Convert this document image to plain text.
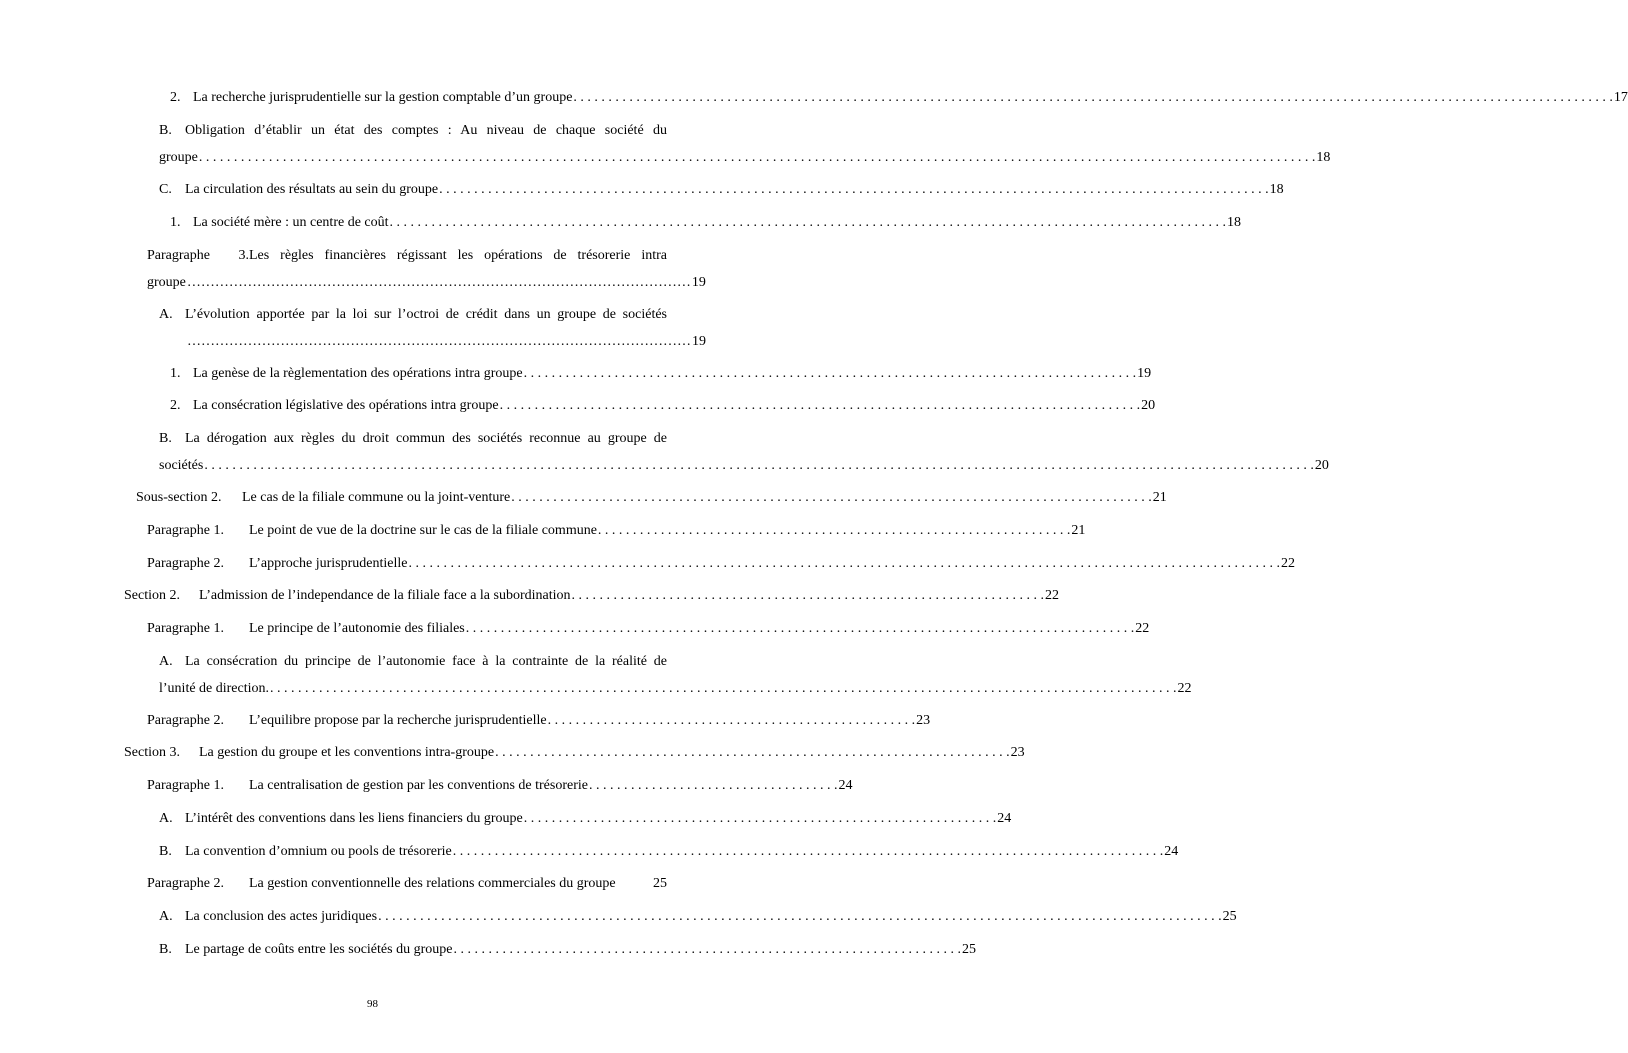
2. La recherche jurisprudentielle sur la gestion comptable d’un groupe . . . . . . . . . . . . . . . . . . . . . . . . . . . . . . . . . . . . . . . . . . . . . . . . . . . . . . . . . . . . . . . . . . . . . . . . . . . . . . . . . . . . . . . . . . . . . . . . . . . . . . . . . . . . . . . . . . . . . . . . . . . . . . . . . . . . . . . . . . . . . . . . . . . . . 17
B. Obligation d’établir un état des comptes : Au niveau de chaque société du
groupe . . . . . . . . . . . . . . . . . . . . . . . . . . . . . . . . . . . . . . . . . . . . . . . . . . . . . . . . . . . . . . . . . . . . . . . . . . . . . . . . . . . . . . . . . . . . . . . . . . . . . . . . . . . . . . . . . . . . . . . . . . . . . . . . . . . . . . . . . . . . . . . . . . . . . . . . . . . . . . . . 18
C. La circulation des résultats au sein du groupe . . . . . . . . . . . . . . . . . . . . . . . . . . . . . . . . . . . . . . . . . . . . . . . . . . . . . . . . . . . . . . . . . . . . . . . . . . . . . . . . . . . . . . . . . . . . . . . . . . . . . . . . . . . . . . . . . . . . . . . 18
1. La société mère : un centre de coût . . . . . . . . . . . . . . . . . . . . . . . . . . . . . . . . . . . . . . . . . . . . . . . . . . . . . . . . . . . . . . . . . . . . . . . . . . . . . . . . . . . . . . . . . . . . . . . . . . . . . . . . . . . . . . . . . . . . . . . . 18
Paragraphe 3.Les règles financières régissant les opérations de trésorerie intra
groupe ……………………………………………………………………………………………… 19
A. L’évolution apportée par la loi sur l’octroi de crédit dans un groupe de sociétés
……………………………………………………………………………………………… 19
1. La genèse de la règlementation des opérations intra groupe . . . . . . . . . . . . . . . . . . . . . . . . . . . . . . . . . . . . . . . . . . . . . . . . . . . . . . . . . . . . . . . . . . . . . . . . . . . . . . . . . . . . . . . . 19
2. La consécration législative des opérations intra groupe . . . . . . . . . . . . . . . . . . . . . . . . . . . . . . . . . . . . . . . . . . . . . . . . . . . . . . . . . . . . . . . . . . . . . . . . . . . . . . . . . . . . . . . . . . . . 20
B. La dérogation aux règles du droit commun des sociétés reconnue au groupe de
sociétés . . . . . . . . . . . . . . . . . . . . . . . . . . . . . . . . . . . . . . . . . . . . . . . . . . . . . . . . . . . . . . . . . . . . . . . . . . . . . . . . . . . . . . . . . . . . . . . . . . . . . . . . . . . . . . . . . . . . . . . . . . . . . . . . . . . . . . . . . . . . . . . . . . . . . . . . . . . . . . . 20
Sous-section 2. Le cas de la filiale commune ou la joint-venture . . . . . . . . . . . . . . . . . . . . . . . . . . . . . . . . . . . . . . . . . . . . . . . . . . . . . . . . . . . . . . . . . . . . . . . . . . . . . . . . . . . . . . . . . . . . 21
Paragraphe 1. Le point de vue de la doctrine sur le cas de la filiale commune . . . . . . . . . . . . . . . . . . . . . . . . . . . . . . . . . . . . . . . . . . . . . . . . . . . . . . . . . . . . . . . . . . . . 21
Paragraphe 2. L’approche jurisprudentielle . . . . . . . . . . . . . . . . . . . . . . . . . . . . . . . . . . . . . . . . . . . . . . . . . . . . . . . . . . . . . . . . . . . . . . . . . . . . . . . . . . . . . . . . . . . . . . . . . . . . . . . . . . . . . . . . . . . . . . . . . . . . . 22
Section 2. L’admission de l’independance de la filiale face a la subordination . . . . . . . . . . . . . . . . . . . . . . . . . . . . . . . . . . . . . . . . . . . . . . . . . . . . . . . . . . . . . . . . . . . . 22
Paragraphe 1. Le principe de l’autonomie des filiales . . . . . . . . . . . . . . . . . . . . . . . . . . . . . . . . . . . . . . . . . . . . . . . . . . . . . . . . . . . . . . . . . . . . . . . . . . . . . . . . . . . . . . . . . . . . . . . . 22
A. La consécration du principe de l’autonomie face à la contrainte de la réalité de
l’unité de direction. . . . . . . . . . . . . . . . . . . . . . . . . . . . . . . . . . . . . . . . . . . . . . . . . . . . . . . . . . . . . . . . . . . . . . . . . . . . . . . . . . . . . . . . . . . . . . . . . . . . . . . . . . . . . . . . . . . . . . . . . . . . . . . . . . . 22
Paragraphe 2. L’equilibre propose par la recherche jurisprudentielle . . . . . . . . . . . . . . . . . . . . . . . . . . . . . . . . . . . . . . . . . . . . . . . . . . . . . 23
Section 3. La gestion du groupe et les conventions intra-groupe . . . . . . . . . . . . . . . . . . . . . . . . . . . . . . . . . . . . . . . . . . . . . . . . . . . . . . . . . . . . . . . . . . . . . . . . . . 23
Paragraphe 1. La centralisation de gestion par les conventions de trésorerie . . . . . . . . . . . . . . . . . . . . . . . . . . . . . . . . . . . . 24
A. L’intérêt des conventions dans les liens financiers du groupe . . . . . . . . . . . . . . . . . . . . . . . . . . . . . . . . . . . . . . . . . . . . . . . . . . . . . . . . . . . . . . . . . . . . 24
B. La convention d’omnium ou pools de trésorerie . . . . . . . . . . . . . . . . . . . . . . . . . . . . . . . . . . . . . . . . . . . . . . . . . . . . . . . . . . . . . . . . . . . . . . . . . . . . . . . . . . . . . . . . . . . . . . . . . . . . . . 24
Paragraphe 2. La gestion conventionnelle des relations commerciales du groupe	25
A. La conclusion des actes juridiques . . . . . . . . . . . . . . . . . . . . . . . . . . . . . . . . . . . . . . . . . . . . . . . . . . . . . . . . . . . . . . . . . . . . . . . . . . . . . . . . . . . . . . . . . . . . . . . . . . . . . . . . . . . . . . . . . . . . . . . . . 25
B. Le partage de coûts entre les sociétés du groupe . . . . . . . . . . . . . . . . . . . . . . . . . . . . . . . . . . . . . . . . . . . . . . . . . . . . . . . . . . . . . . . . . . . . . . . . . 25
98
